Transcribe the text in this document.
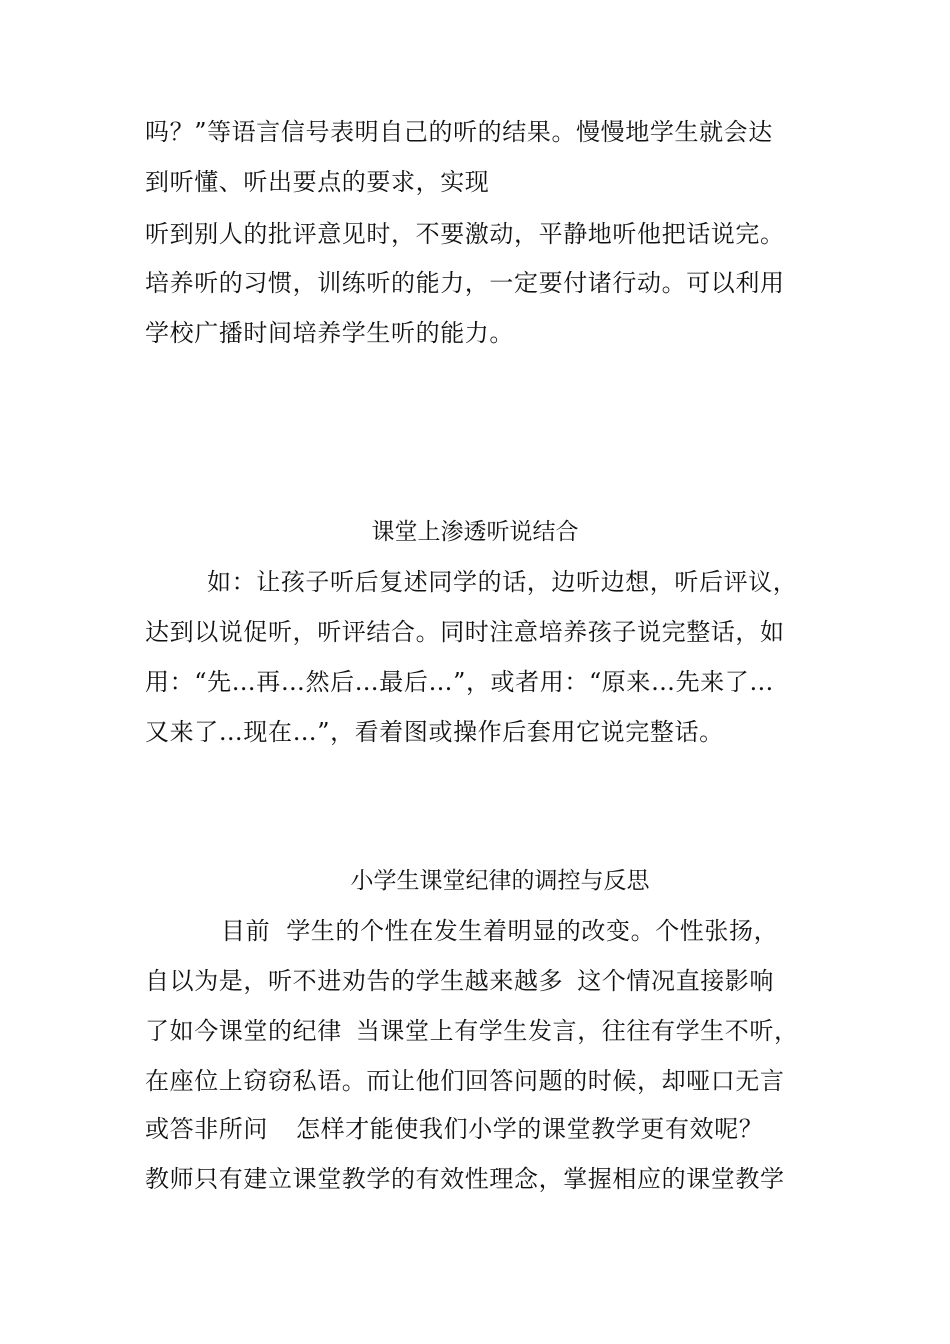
吗？”等语言信号表明自己的听的结果。慢慢地学生就会达
到听懂、听出要点的要求，实现
听到别人的批评意见时，不要激动，平静地听他把话说完。
培养听的习惯，训练听的能力，一定要付诸行动。可以利用
学校广播时间培养学生听的能力。
课堂上渗透听说结合
如：让孩子听后复述同学的话，边听边想，听后评议，
达到以说促听，听评结合。同时注意培养孩子说完整话，如
用：“先…再…然后…最后…”，或者用：“原来…先来了…
又来了…现在…”，看着图或操作后套用它说完整话。
小学生课堂纪律的调控与反思
目前 学生的个性在发生着明显的改变。个性张扬，
自以为是，听不进劝告的学生越来越多 这个情况直接影响
了如今课堂的纪律 当课堂上有学生发言，往往有学生不听，
在座位上窃窃私语。而让他们回答问题的时候，却哑口无言
或答非所问 怎样才能使我们小学的课堂教学更有效呢？
教师只有建立课堂教学的有效性理念，掌握相应的课堂教学
